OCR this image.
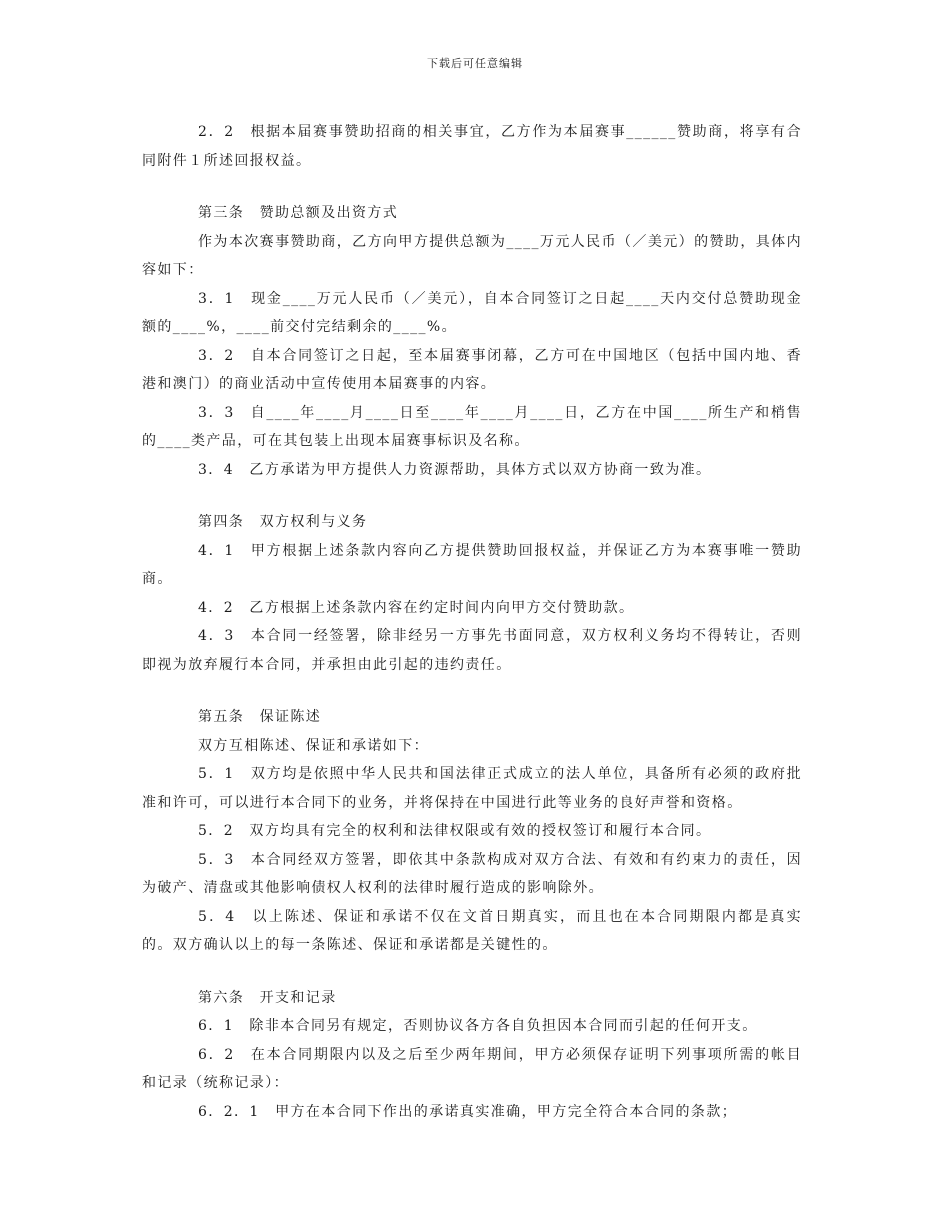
下载后可任意编辑

2．2　根据本届赛事赞助招商的相关事宜，乙方作为本届赛事______赞助商，将享有合同附件１所述回报权益。

第三条　赞助总额及出资方式

作为本次赛事赞助商，乙方向甲方提供总额为____万元人民币（／美元）的赞助，具体内容如下：

3．1　现金____万元人民币（／美元），自本合同签订之日起____天内交付总赞助现金额的____%，____前交付完结剩余的____%。

3．2　自本合同签订之日起，至本届赛事闭幕，乙方可在中国地区（包括中国内地、香港和澳门）的商业活动中宣传使用本届赛事的内容。

3．3　自____年____月____日至____年____月____日，乙方在中国____所生产和梢售的____类产品，可在其包装上出现本届赛事标识及名称。

3．4　乙方承诺为甲方提供人力资源帮助，具体方式以双方协商一致为准。

第四条　双方权利与义务

4．1　甲方根据上述条款内容向乙方提供赞助回报权益，并保证乙方为本赛事唯一赞助商。

4．2　乙方根据上述条款内容在约定时间内向甲方交付赞助款。

4．3　本合同一经签署，除非经另一方事先书面同意，双方权利义务均不得转让，否则即视为放弃履行本合同，并承担由此引起的违约责任。

第五条　保证陈述

双方互相陈述、保证和承诺如下：

5．1　双方均是依照中华人民共和国法律正式成立的法人单位，具备所有必须的政府批准和许可，可以进行本合同下的业务，并将保持在中国进行此等业务的良好声誉和资格。

5．2　双方均具有完全的权利和法律权限或有效的授权签订和履行本合同。

5．3　本合同经双方签署，即依其中条款构成对双方合法、有效和有约束力的责任，因为破产、清盘或其他影响债权人权利的法律时履行造成的影响除外。

5．4　以上陈述、保证和承诺不仅在文首日期真实，而且也在本合同期限内都是真实的。双方确认以上的每一条陈述、保证和承诺都是关键性的。

第六条　开支和记录

6．1　除非本合同另有规定，否则协议各方各自负担因本合同而引起的任何开支。

6．2　在本合同期限内以及之后至少两年期间，甲方必须保存证明下列事项所需的帐目和记录（统称记录）：

6．2．1　甲方在本合同下作出的承诺真实准确，甲方完全符合本合同的条款；
